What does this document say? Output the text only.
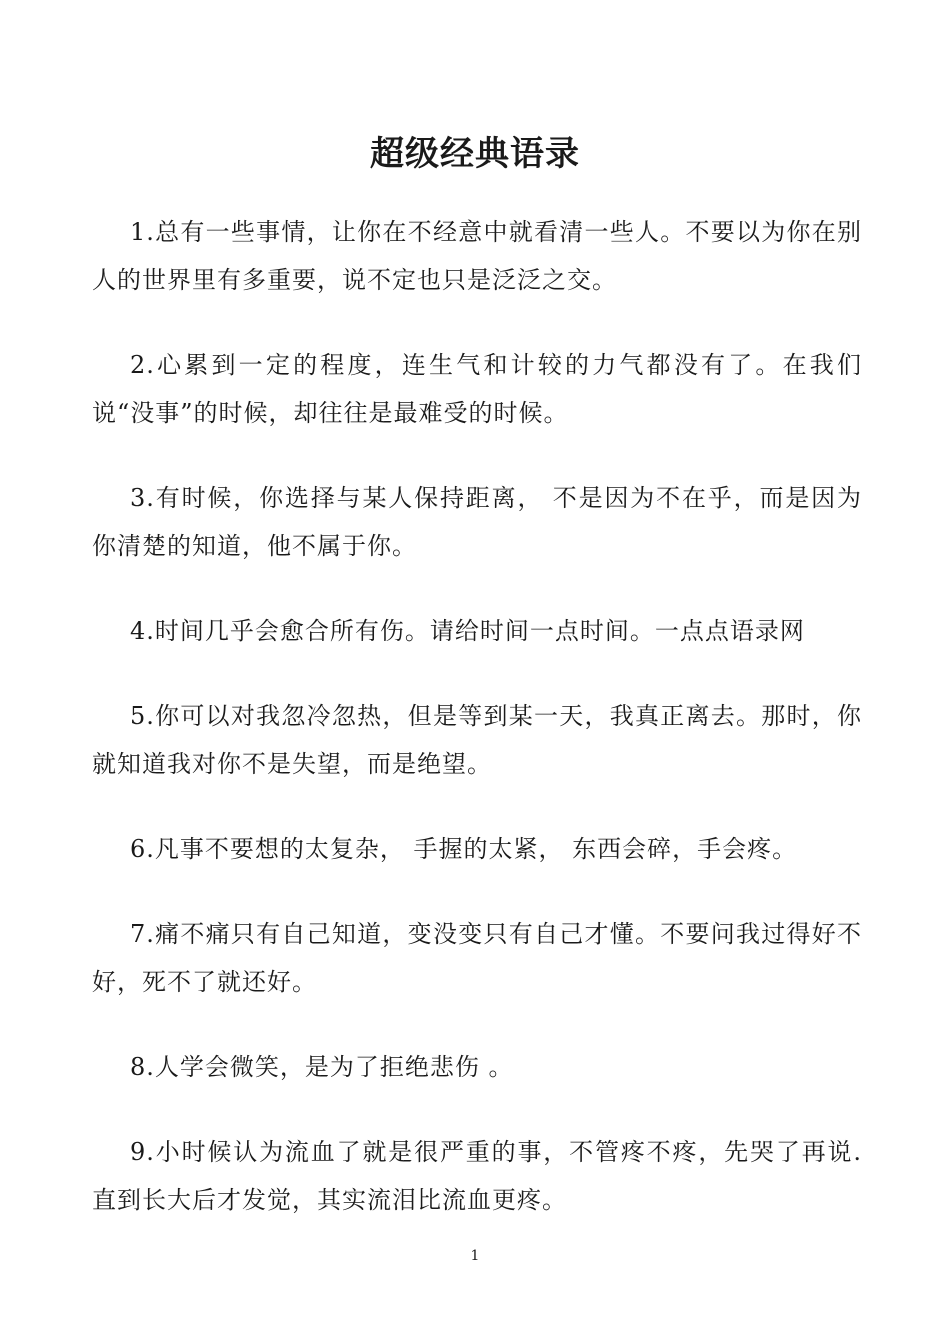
超级经典语录

1.总有一些事情，让你在不经意中就看清一些人。不要以为你在别人的世界里有多重要，说不定也只是泛泛之交。

2.心累到一定的程度，连生气和计较的力气都没有了。在我们说“没事”的时候，却往往是最难受的时候。

3.有时候，你选择与某人保持距离， 不是因为不在乎，而是因为你清楚的知道，他不属于你。

4.时间几乎会愈合所有伤。请给时间一点时间。一点点语录网

5.你可以对我忽冷忽热，但是等到某一天，我真正离去。那时，你就知道我对你不是失望，而是绝望。

6.凡事不要想的太复杂， 手握的太紧， 东西会碎，手会疼。

7.痛不痛只有自己知道，变没变只有自己才懂。不要问我过得好不好，死不了就还好。

8.人学会微笑，是为了拒绝悲伤 。

9.小时候认为流血了就是很严重的事，不管疼不疼，先哭了再说.直到长大后才发觉，其实流泪比流血更疼。

1
